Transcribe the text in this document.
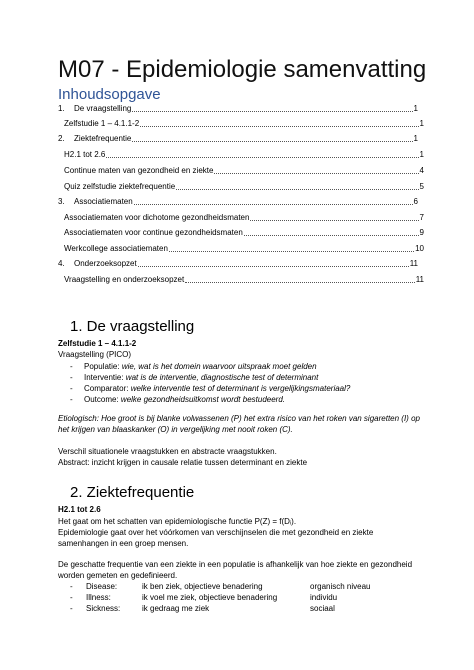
M07 - Epidemiologie samenvatting
Inhoudsopgave
1.	De vraagstelling	1
Zelfstudie 1 – 4.1.1-2	1
2.	Ziektefrequentie	1
H2.1 tot 2.6	1
Continue maten van gezondheid en ziekte	4
Quiz zelfstudie ziektefrequentie	5
3.	Associatiematen	6
Associatiematen voor dichotome gezondheidsmaten	7
Associatiematen voor continue gezondheidsmaten	9
Werkcollege associatiematen	10
4.	Onderzoeksopzet	11
Vraagstelling en onderzoeksopzet	11
1. De vraagstelling
Zelfstudie 1 – 4.1.1-2
Vraagstelling (PICO)
- Populatie: wie, wat is het domein waarvoor uitspraak moet gelden
- Interventie: wat is de interventie, diagnostische test of determinant
- Comparator: welke interventie test of determinant is vergelijkingsmateriaal?
- Outcome: welke gezondheidsuitkomst wordt bestudeerd.
Etiologisch: Hoe groot is bij blanke volwassenen (P) het extra risico van het roken van sigaretten (I) op
het krijgen van blaaskanker (O) in vergelijking met nooit roken (C).
Verschil situationele vraagstukken en abstracte vraagstukken.
Abstract: inzicht krijgen in causale relatie tussen determinant en ziekte
2. Ziektefrequentie
H2.1 tot 2.6
Het gaat om het schatten van epidemiologische functie P(Z) = f(Dᵢ).
Epidemiologie gaat over het vóórkomen van verschijnselen die met gezondheid en ziekte
samenhangen in een groep mensen.
De geschatte frequentie van een ziekte in een populatie is afhankelijk van hoe ziekte en gezondheid
worden gemeten en gedefinieerd.
- Disease:	ik ben ziek, objectieve benadering	organisch niveau
- Illness:	ik voel me ziek, objectieve benadering	individu
- Sickness:	ik gedraag me ziek	sociaal
